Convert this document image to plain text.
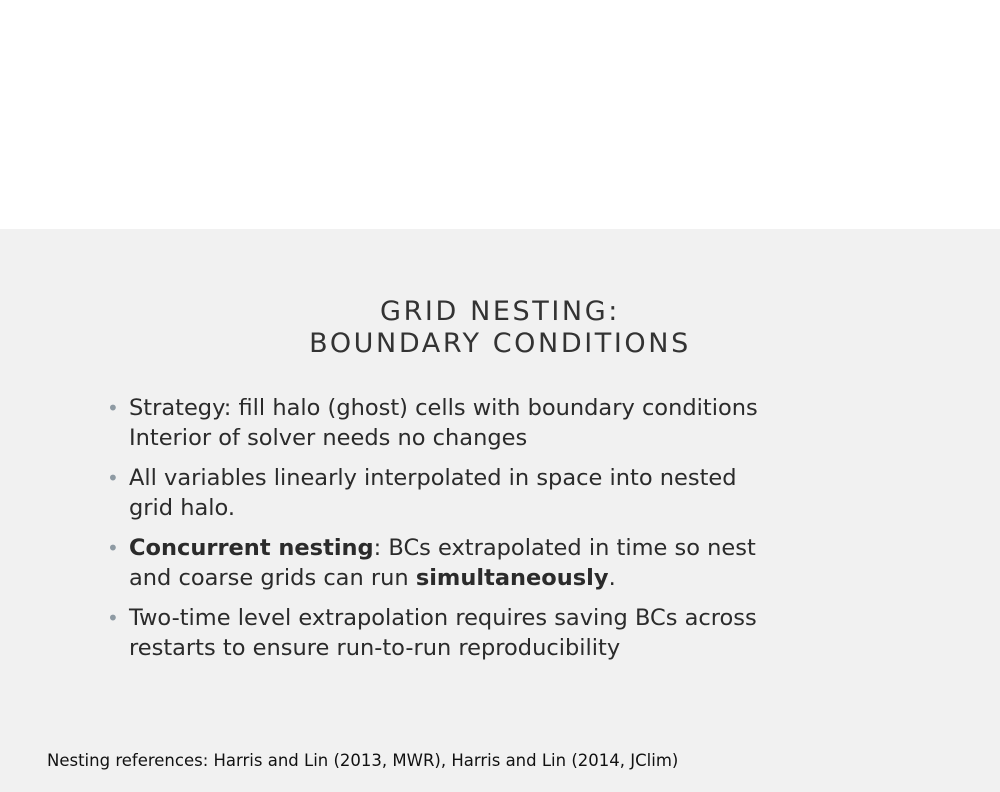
GRID NESTING:
BOUNDARY CONDITIONS
• Strategy: fill halo (ghost) cells with boundary conditions
Interior of solver needs no changes
• All variables linearly interpolated in space into nested
grid halo.
• Concurrent nesting: BCs extrapolated in time so nest
and coarse grids can run simultaneously.
• Two-time level extrapolation requires saving BCs across
restarts to ensure run-to-run reproducibility
Nesting references: Harris and Lin (2013, MWR), Harris and Lin (2014, JClim)
